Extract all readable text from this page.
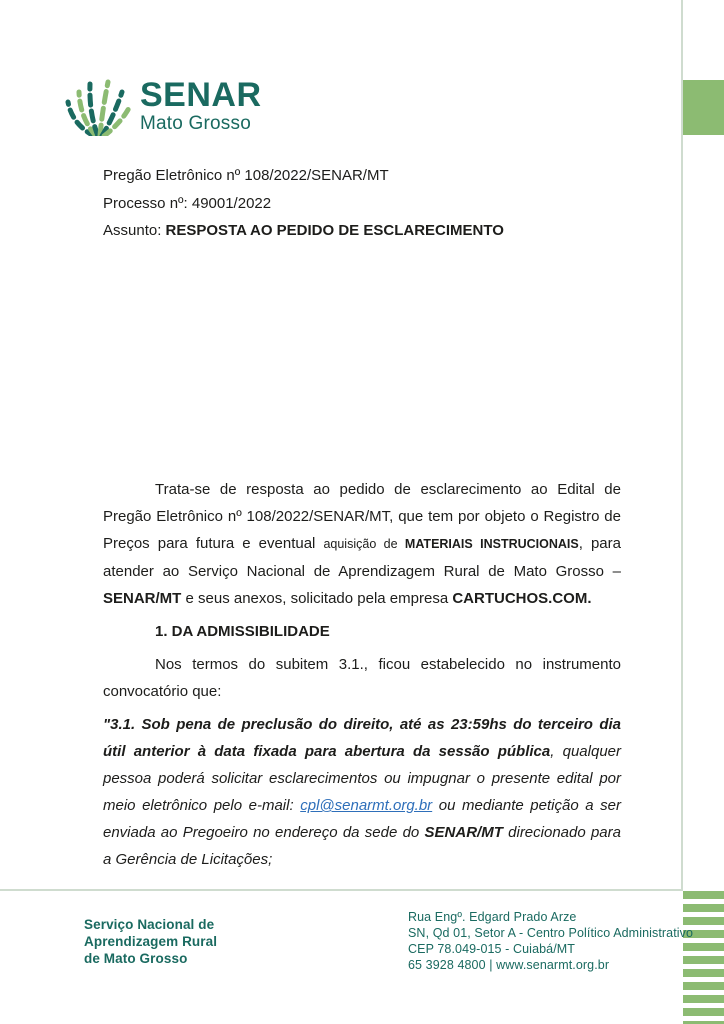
SENAR
Mato Grosso
Pregão Eletrônico nº 108/2022/SENAR/MT
Processo nº: 49001/2022
Assunto: RESPOSTA AO PEDIDO DE ESCLARECIMENTO

Trata-se de resposta ao pedido de esclarecimento ao Edital de Pregão Eletrônico nº 108/2022/SENAR/MT, que tem por objeto o Registro de Preços para futura e eventual aquisição de MATERIAIS INSTRUCIONAIS, para atender ao Serviço Nacional de Aprendizagem Rural de Mato Grosso – SENAR/MT e seus anexos, solicitado pela empresa CARTUCHOS.COM.

1. DA ADMISSIBILIDADE

Nos termos do subitem 3.1., ficou estabelecido no instrumento convocatório que:

"3.1. Sob pena de preclusão do direito, até as 23:59hs do terceiro dia útil anterior à data fixada para abertura da sessão pública, qualquer pessoa poderá solicitar esclarecimentos ou impugnar o presente edital por meio eletrônico pelo e-mail: cpl@senarmt.org.br ou mediante petição a ser enviada ao Pregoeiro no endereço da sede do SENAR/MT direcionado para a Gerência de Licitações;

Serviço Nacional de
Aprendizagem Rural
de Mato Grosso
Rua Engº. Edgard Prado Arze
SN, Qd 01, Setor A - Centro Político Administrativo
CEP 78.049-015 - Cuiabá/MT
65 3928 4800 | www.senarmt.org.br
